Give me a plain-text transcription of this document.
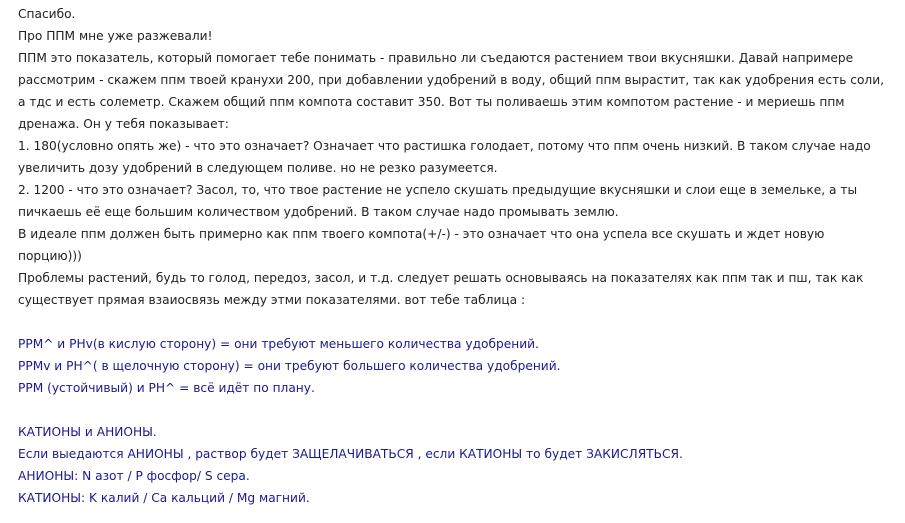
Спасибо.

Про ППМ мне уже разжевали!

ППМ это показатель, который помогает тебе понимать - правильно ли съедаются растением твои вкусняшки. Давай напримере

рассмотрим - скажем ппм твоей кранухи 200, при добавлении удобрений в воду, общий ппм вырастит, так как удобрения есть соли,

а тдс и есть солеметр. Скажем общий ппм компота составит 350. Вот ты поливаешь этим компотом растение - и мериешь ппм

дренажа. Он у тебя показывает:

1. 180(условно опять же) - что это означает? Означает что растишка голодает, потому что ппм очень низкий. В таком случае надо

увеличить дозу удобрений в следующем поливе. но не резко разумеется.

2. 1200 - что это означает? Засол, то, что твое растение не успело скушать предыдущие вкусняшки и слои еще в земельке, а ты

пичкаешь её еще большим количеством удобрений. В таком случае надо промывать землю.

В идеале ппм должен быть примерно как ппм твоего компота(+/-) - это означает что она успела все скушать и ждет новую

порцию)))

Проблемы растений, будь то голод, передоз, засол, и т.д. следует решать основываясь на показателях как ппм так и пш, так как

существует прямая взаиосвязь между этми показателями. вот тебе таблица :

PPM^ и PHv(в кислую сторону) = они требуют меньшего количества удобрений.

PPMv и PH^( в щелочную сторону) = они требуют большего количества удобрений.

PPM (устойчивый) и PH^ = всё идёт по плану.

КАТИОНЫ и АНИОНЫ.

Если выедаются АНИОНЫ , раствор будет ЗАЩЕЛАЧИВАТЬСЯ , если КАТИОНЫ то будет ЗАКИСЛЯТЬСЯ.

АНИОНЫ: N азот / P фосфор/ S сера.

КАТИОНЫ: K калий / Ca кальций / Mg магний.
